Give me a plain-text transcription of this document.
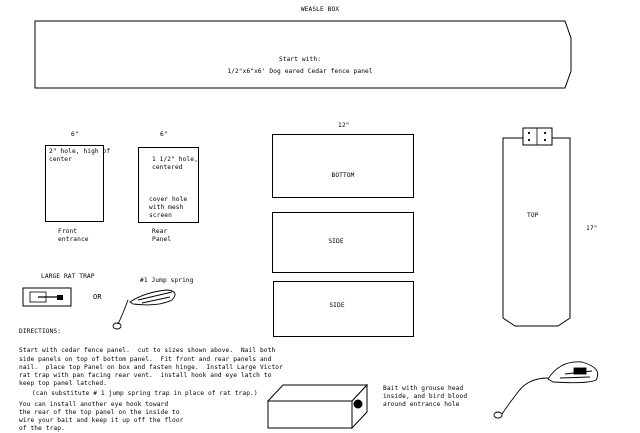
WEASLE BOX
Start with:
1/2"x6"x6' Dog eared Cedar fence panel
6"
2" hole, high of
center
Front
entrance
6"
1 1/2" hole,
centered
cover hole
with mesh
screen
Rear
Panel
12"
BOTTOM
SIDE
SIDE
TOP
17"
LARGE RAT TRAP
OR
#1 Jump spring
DIRECTIONS:
Start with cedar fence panel.  cut to sizes shown above.  Nail both
side panels on top of bottom panel.  Fit front and rear panels and
nail.  place top Panel on box and fasten hinge.  Install Large Victor
rat trap with pan facing rear vent.  install hook and eye latch to
keep top panel latched.
(can substitute # 1 jump spring trap in place of rat trap.)
You can install another eye hook toward
the rear of the top panel on the inside to
wire your bait and keep it up off the floor
of the trap.
Bait with grouse head
inside, and bird blood
around entrance hole
